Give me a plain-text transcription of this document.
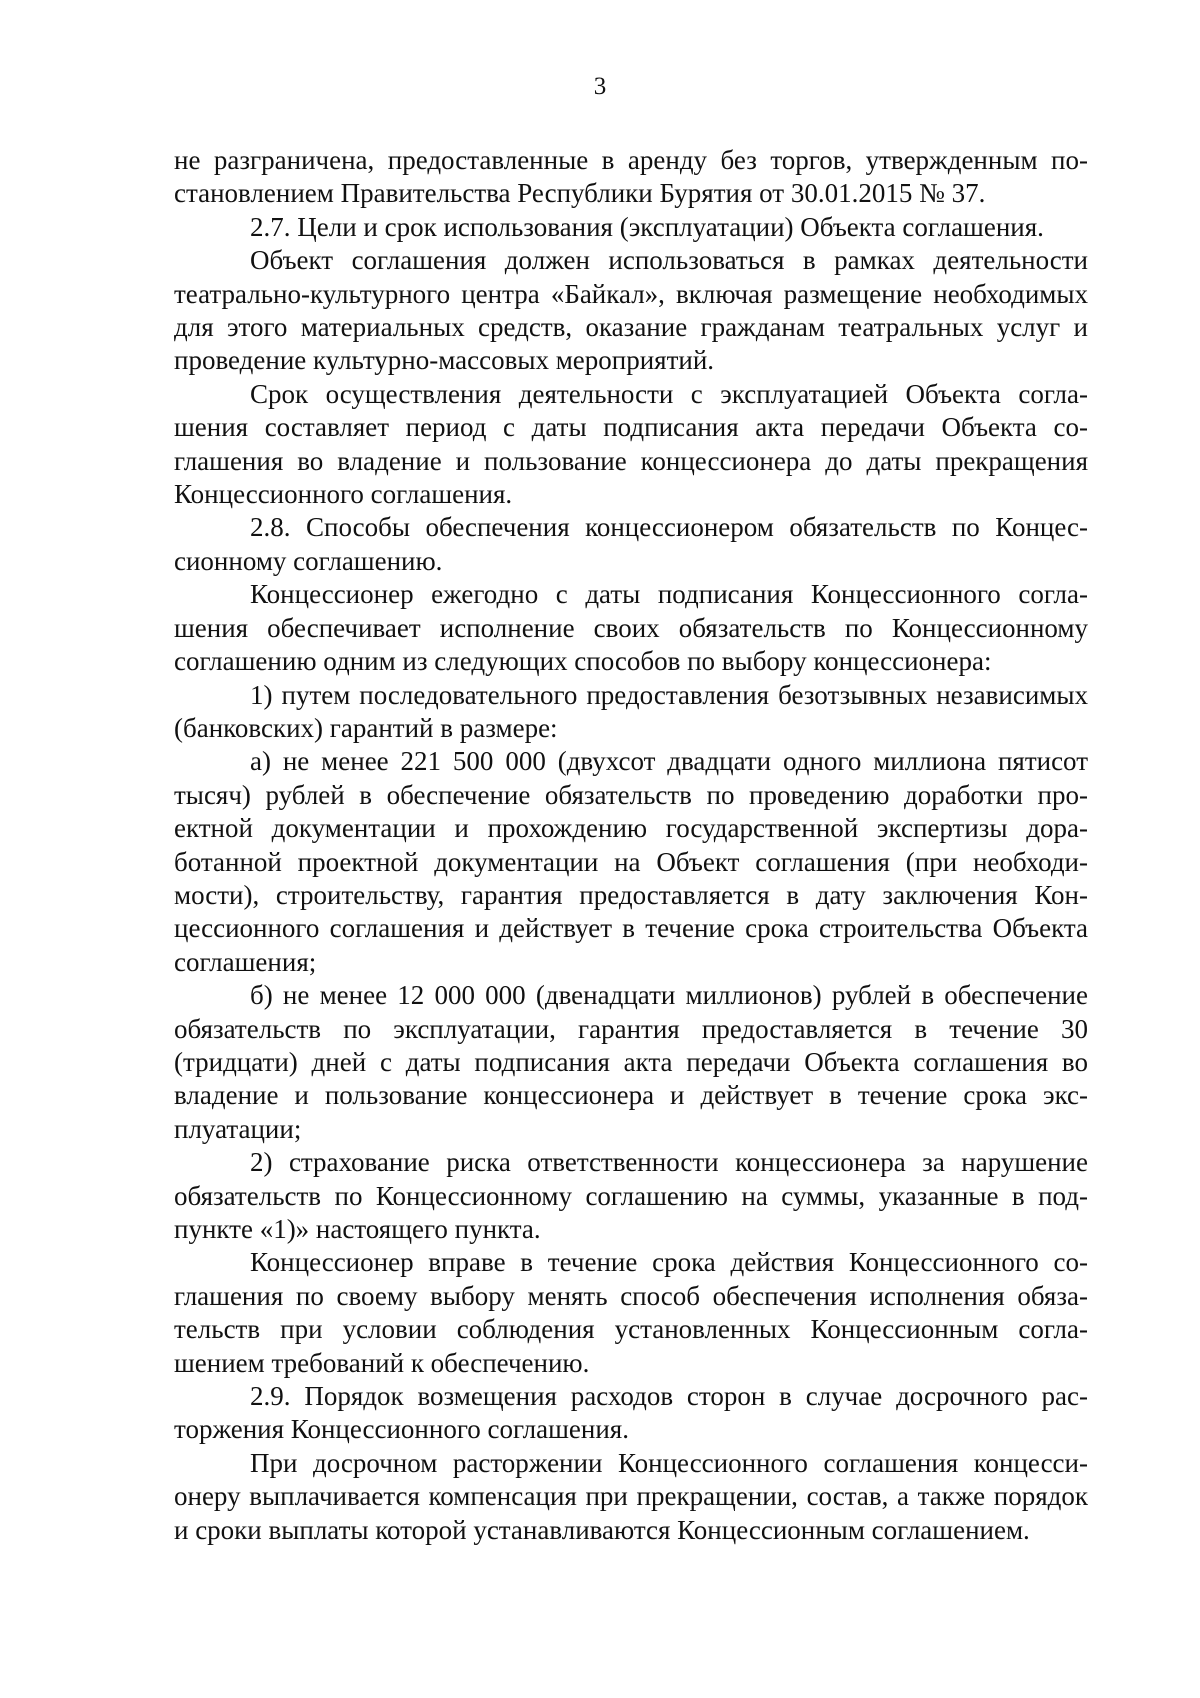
3

не разграничена, предоставленные в аренду без торгов, утвержденным постановлением Правительства Республики Бурятия от 30.01.2015 № 37.

2.7. Цели и срок использования (эксплуатации) Объекта соглашения.

Объект соглашения должен использоваться в рамках деятельности театрально-культурного центра «Байкал», включая размещение необходимых для этого материальных средств, оказание гражданам театральных услуг и проведение культурно-массовых мероприятий.

Срок осуществления деятельности с эксплуатацией Объекта соглашения составляет период с даты подписания акта передачи Объекта соглашения во владение и пользование концессионера до даты прекращения Концессионного соглашения.

2.8. Способы обеспечения концессионером обязательств по Концессионному соглашению.

Концессионер ежегодно с даты подписания Концессионного соглашения обеспечивает исполнение своих обязательств по Концессионному соглашению одним из следующих способов по выбору концессионера:

1) путем последовательного предоставления безотзывных независимых (банковских) гарантий в размере:

а) не менее 221 500 000 (двухсот двадцати одного миллиона пятисот тысяч) рублей в обеспечение обязательств по проведению доработки проектной документации и прохождению государственной экспертизы доработанной проектной документации на Объект соглашения (при необходимости), строительству, гарантия предоставляется в дату заключения Концессионного соглашения и действует в течение срока строительства Объекта соглашения;

б) не менее 12 000 000 (двенадцати миллионов) рублей в обеспечение обязательств по эксплуатации, гарантия предоставляется в течение 30 (тридцати) дней с даты подписания акта передачи Объекта соглашения во владение и пользование концессионера и действует в течение срока эксплуатации;

2) страхование риска ответственности концессионера за нарушение обязательств по Концессионному соглашению на суммы, указанные в подпункте «1)» настоящего пункта.

Концессионер вправе в течение срока действия Концессионного соглашения по своему выбору менять способ обеспечения исполнения обязательств при условии соблюдения установленных Концессионным соглашением требований к обеспечению.

2.9. Порядок возмещения расходов сторон в случае досрочного расторжения Концессионного соглашения.

При досрочном расторжении Концессионного соглашения концессионеру выплачивается компенсация при прекращении, состав, а также порядок и сроки выплаты которой устанавливаются Концессионным соглашением.
